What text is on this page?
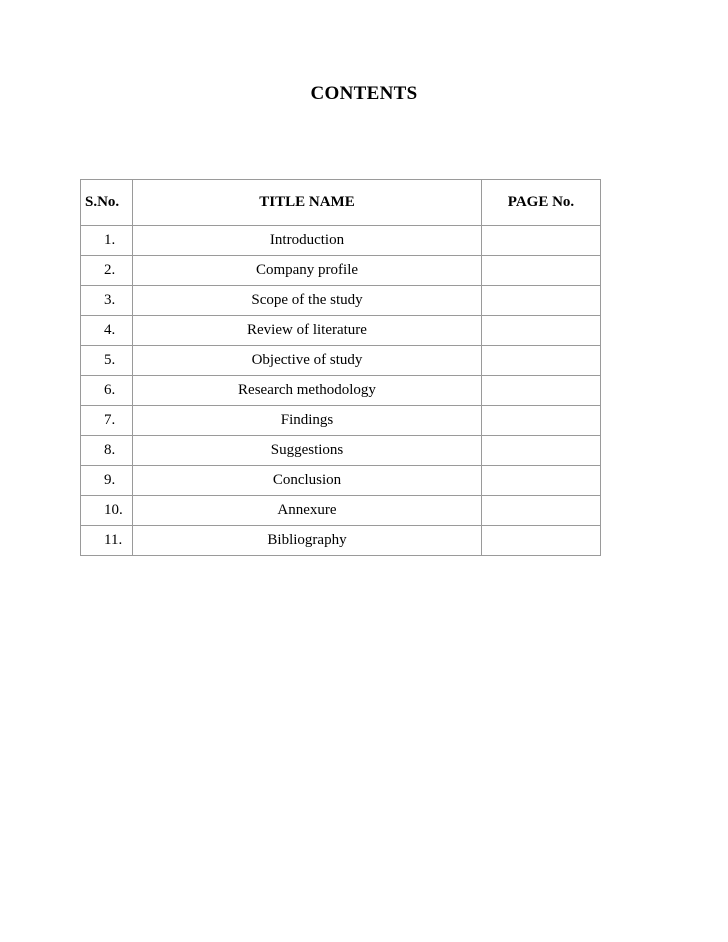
CONTENTS
S.No.	TITLE NAME	PAGE No.
1.	Introduction	
2.	Company profile	
3.	Scope of the study	
4.	Review of literature	
5.	Objective of study	
6.	Research methodology	
7.	Findings	
8.	Suggestions	
9.	Conclusion	
10.	Annexure	
11.	Bibliography	
